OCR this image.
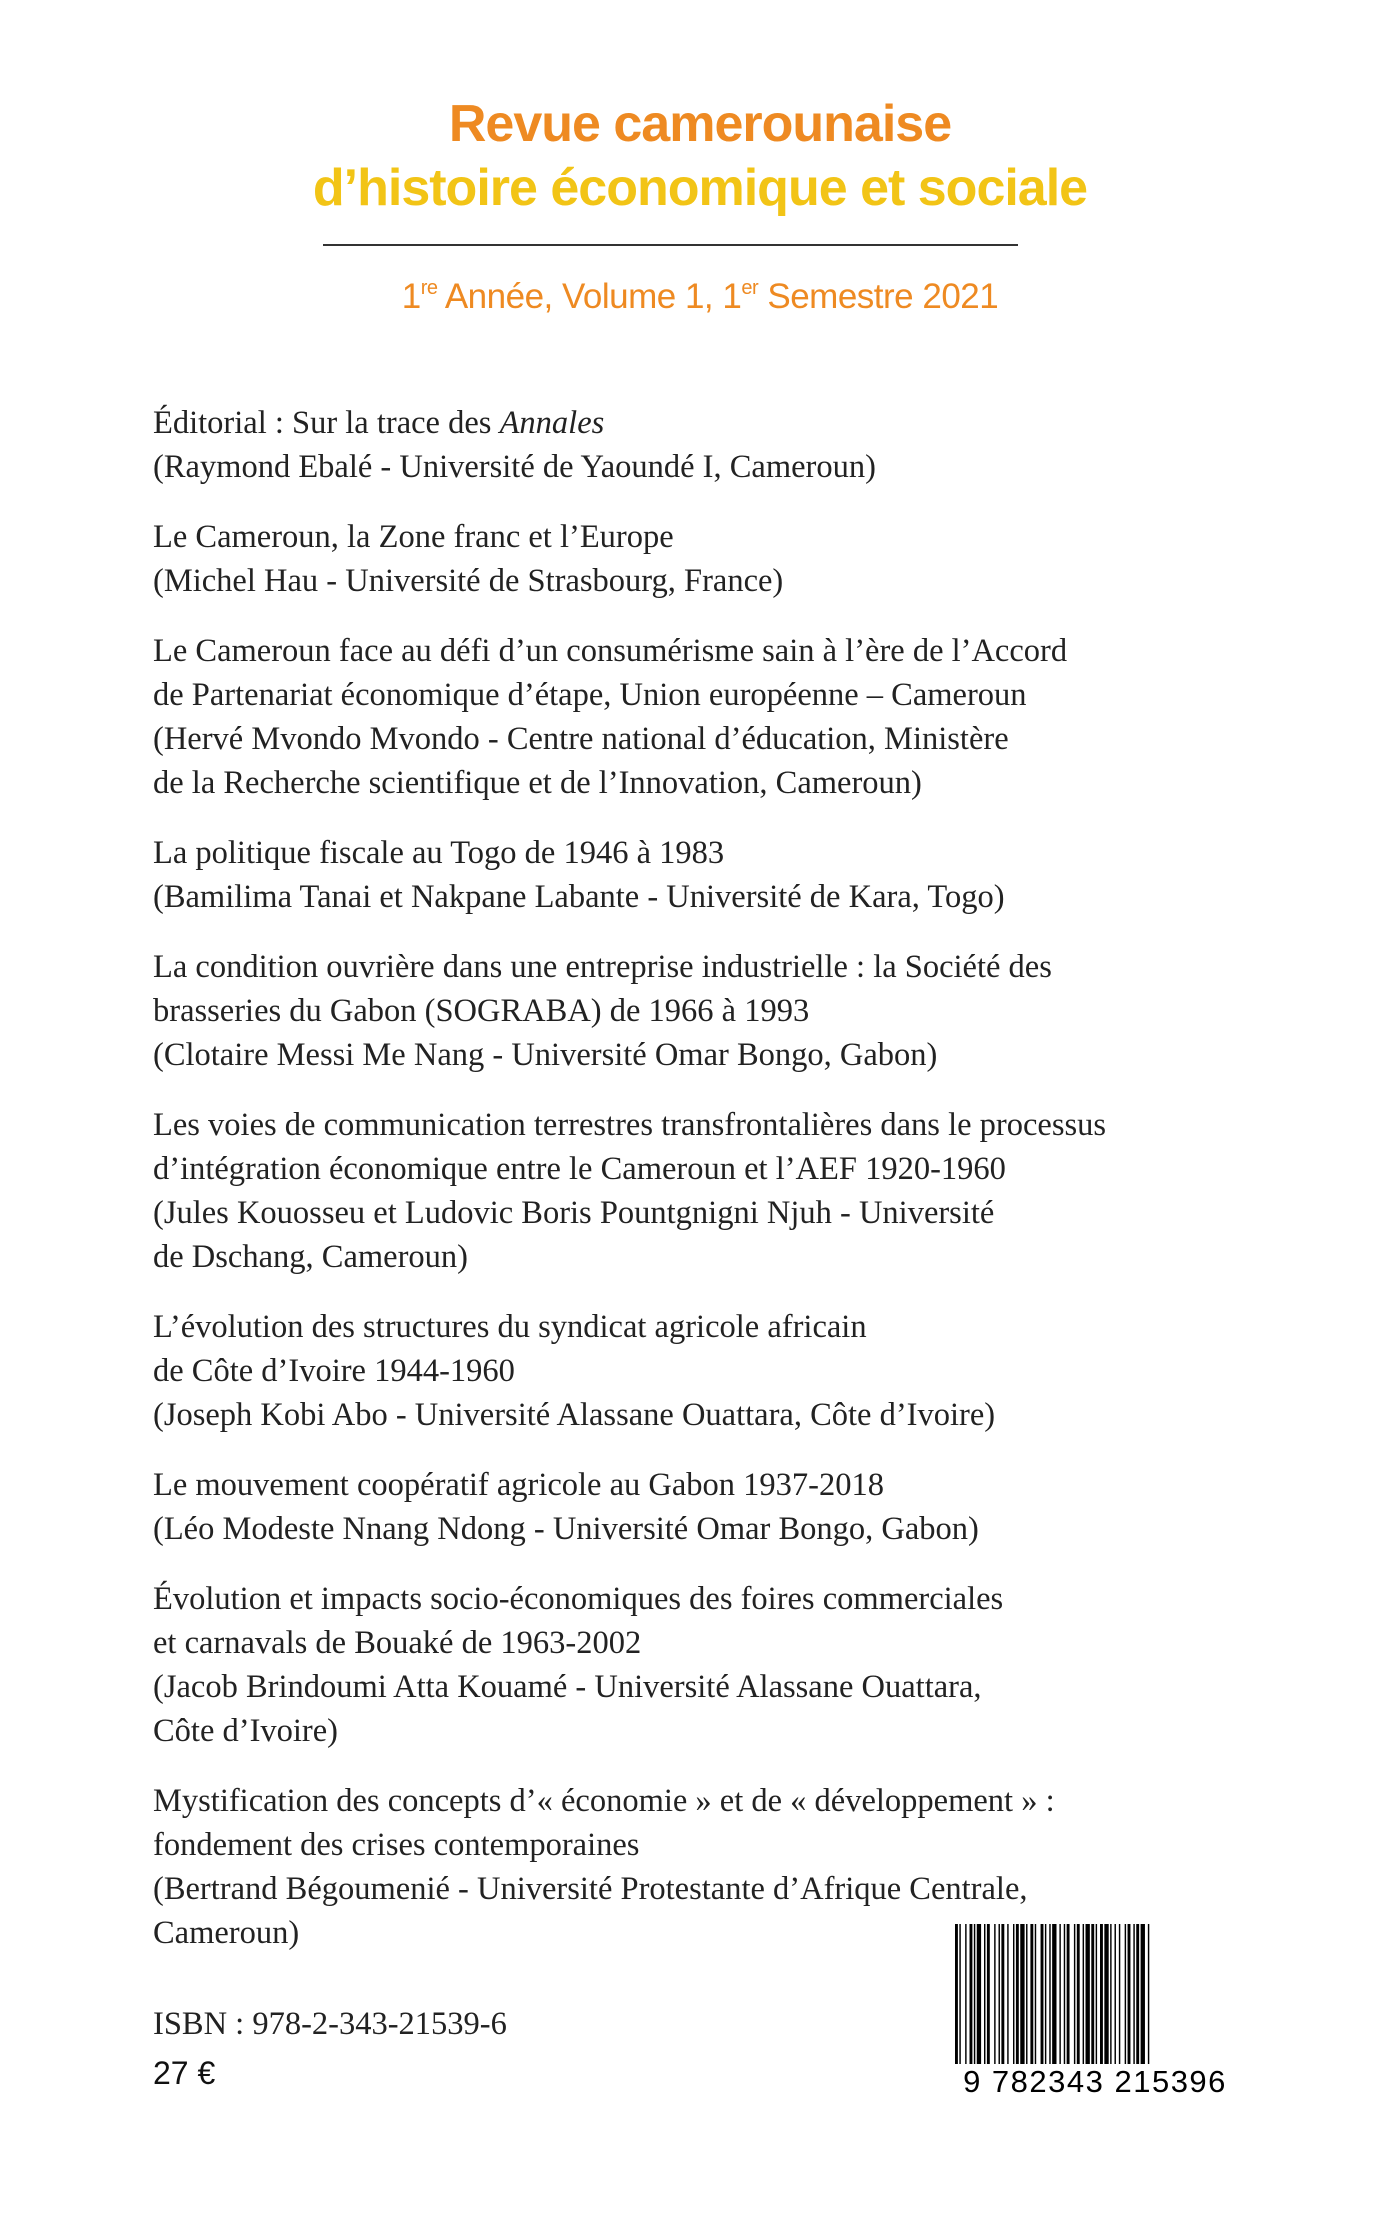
Revue camerounaise
d’histoire économique et sociale
1re Année, Volume 1, 1er Semestre 2021
Éditorial : Sur la trace des Annales
(Raymond Ebalé - Université de Yaoundé I, Cameroun)
Le Cameroun, la Zone franc et l’Europe
(Michel Hau - Université de Strasbourg, France)
Le Cameroun face au défi d’un consumérisme sain à l’ère de l’Accord
de Partenariat économique d’étape, Union européenne – Cameroun
(Hervé Mvondo Mvondo - Centre national d’éducation, Ministère
de la Recherche scientifique et de l’Innovation, Cameroun)
La politique fiscale au Togo de 1946 à 1983
(Bamilima Tanai et Nakpane Labante - Université de Kara, Togo)
La condition ouvrière dans une entreprise industrielle : la Société des
brasseries du Gabon (SOGRABA) de 1966 à 1993
(Clotaire Messi Me Nang - Université Omar Bongo, Gabon)
Les voies de communication terrestres transfrontalières dans le processus
d’intégration économique entre le Cameroun et l’AEF 1920-1960
(Jules Kouosseu et Ludovic Boris Pountgnigni Njuh - Université
de Dschang, Cameroun)
L’évolution des structures du syndicat agricole africain
de Côte d’Ivoire 1944-1960
(Joseph Kobi Abo - Université Alassane Ouattara, Côte d’Ivoire)
Le mouvement coopératif agricole au Gabon 1937-2018
(Léo Modeste Nnang Ndong - Université Omar Bongo, Gabon)
Évolution et impacts socio-économiques des foires commerciales
et carnavals de Bouaké de 1963-2002
(Jacob Brindoumi Atta Kouamé - Université Alassane Ouattara,
Côte d’Ivoire)
Mystification des concepts d’« économie » et de « développement » :
fondement des crises contemporaines
(Bertrand Bégoumenié - Université Protestante d’Afrique Centrale,
Cameroun)
ISBN : 978-2-343-21539-6
27 €	9 782343 215396
